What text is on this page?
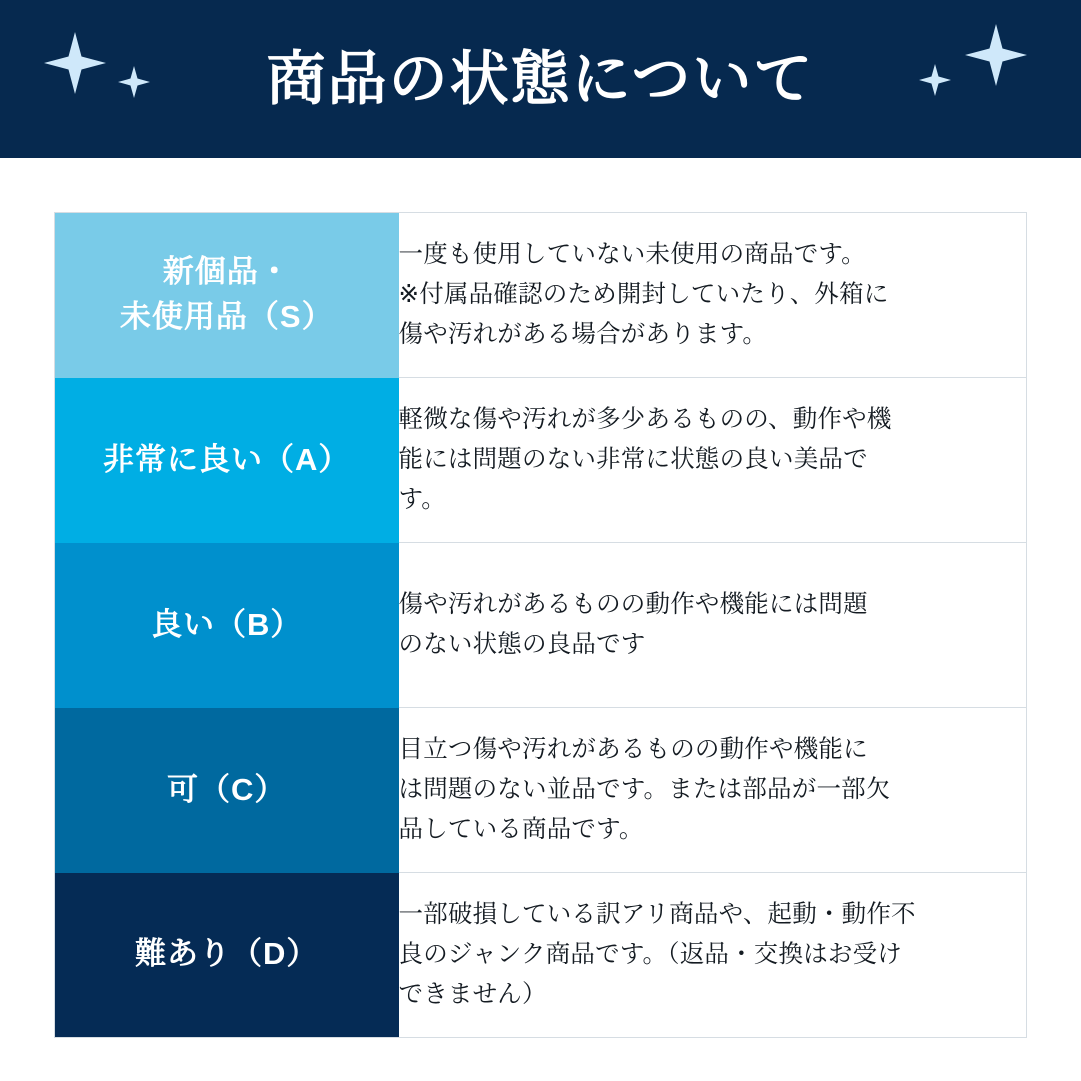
商品の状態について
新個品・
未使用品（S）	一度も使用していない未使用の商品です。
※付属品確認のため開封していたり、外箱に
傷や汚れがある場合があります。

非常に良い（A）	軽微な傷や汚れが多少あるものの、動作や機
能には問題のない非常に状態の良い美品で
す。

良い（B）	傷や汚れがあるものの動作や機能には問題
のない状態の良品です

可（C）	目立つ傷や汚れがあるものの動作や機能に
は問題のない並品です。または部品が一部欠
品している商品です。

難あり（D）	一部破損している訳アリ商品や、起動・動作不
良のジャンク商品です。（返品・交換はお受け
できません）
